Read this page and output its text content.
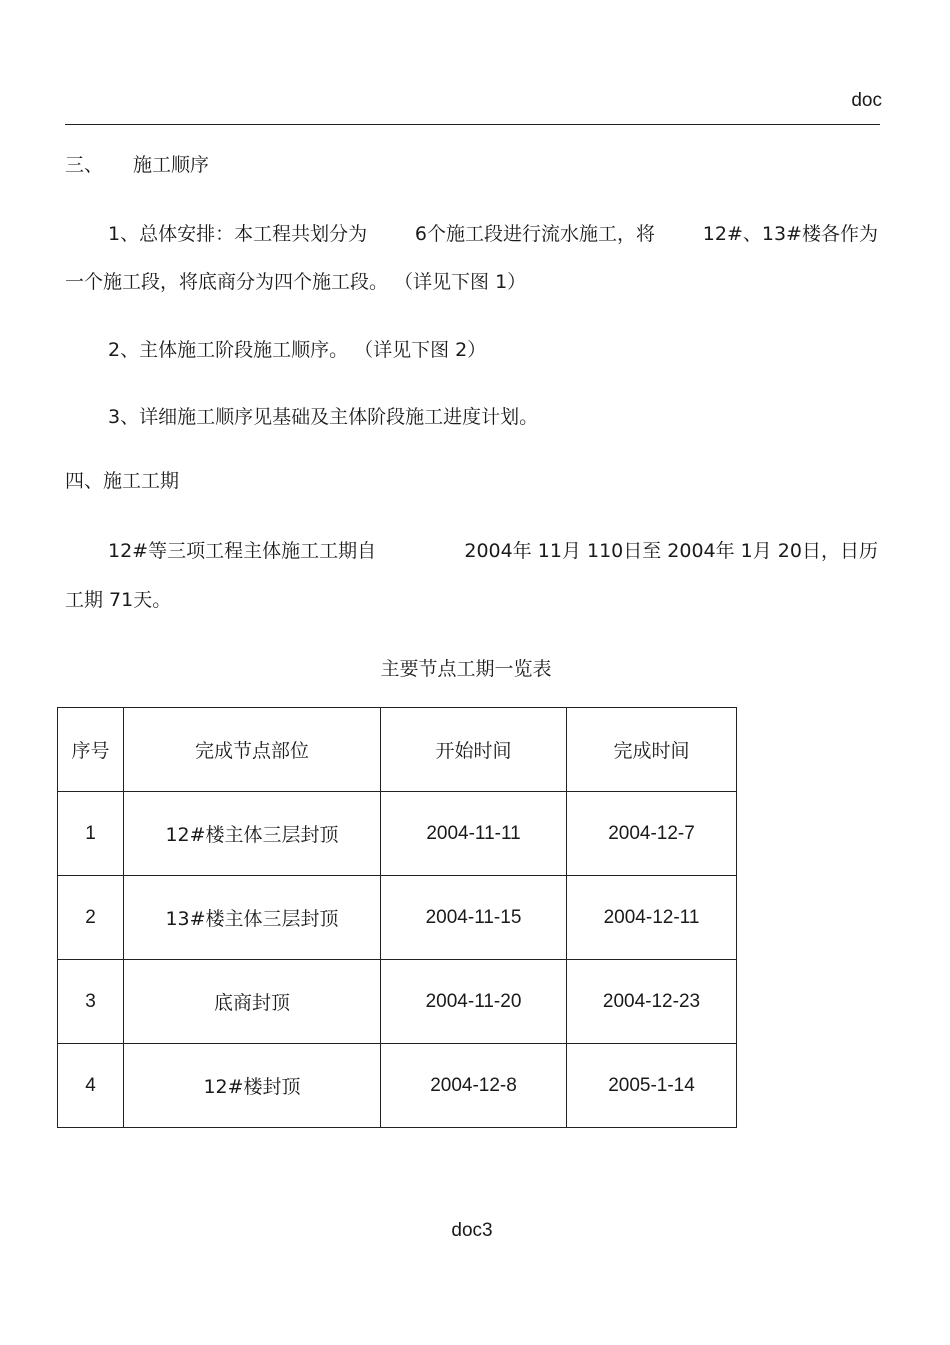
doc
三、 施工顺序
1、总体安排：本工程共划分为	6个施工段进行流水施工，将	12#、13#楼各作为
一个施工段，将底商分为四个施工段。 （详见下图 1）
2、主体施工阶段施工顺序。 （详见下图 2）
3、详细施工顺序见基础及主体阶段施工进度计划。
四、施工工期
12#等三项工程主体施工工期自	2004年 11月 110日至 2004年 1月 20日，日历
工期 71天。
主要节点工期一览表
序号	完成节点部位	开始时间	完成时间
1	12#楼主体三层封顶	2004-11-11	2004-12-7
2	13#楼主体三层封顶	2004-11-15	2004-12-11
3	底商封顶	2004-11-20	2004-12-23
4	12#楼封顶	2004-12-8	2005-1-14
doc3
